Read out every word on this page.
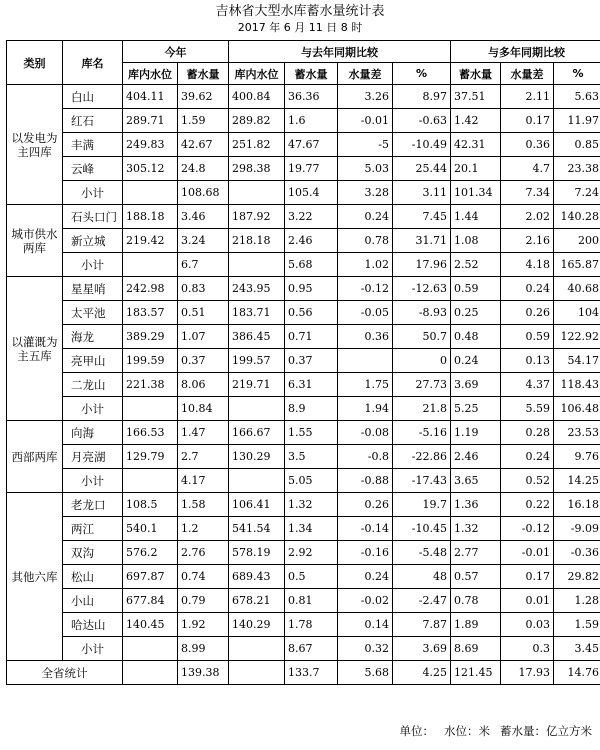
吉林省大型水库蓄水量统计表
2017 年 6 月 11 日 8 时
类别	库名	今年		与去年同期比较				与多年同期比较		
		库内水位	蓄水量	库内水位	蓄水量	水量差	%	蓄水量	水量差	%
以发电为主四库	白山	404.11	39.62	400.84	36.36	3.26	8.97	37.51	2.11	5.63
	红石	289.71	1.59	289.82	1.6	-0.01	-0.63	1.42	0.17	11.97
	丰满	249.83	42.67	251.82	47.67	-5	-10.49	42.31	0.36	0.85
	云峰	305.12	24.8	298.38	19.77	5.03	25.44	20.1	4.7	23.38
	小计		108.68		105.4	3.28	3.11	101.34	7.34	7.24
城市供水两库	石头口门	188.18	3.46	187.92	3.22	0.24	7.45	1.44	2.02	140.28
	新立城	219.42	3.24	218.18	2.46	0.78	31.71	1.08	2.16	200
	小计		6.7		5.68	1.02	17.96	2.52	4.18	165.87
以灌溉为主五库	星星哨	242.98	0.83	243.95	0.95	-0.12	-12.63	0.59	0.24	40.68
	太平池	183.57	0.51	183.71	0.56	-0.05	-8.93	0.25	0.26	104
	海龙	389.29	1.07	386.45	0.71	0.36	50.7	0.48	0.59	122.92
	亮甲山	199.59	0.37	199.57	0.37		0	0.24	0.13	54.17
	二龙山	221.38	8.06	219.71	6.31	1.75	27.73	3.69	4.37	118.43
	小计		10.84		8.9	1.94	21.8	5.25	5.59	106.48
西部两库	向海	166.53	1.47	166.67	1.55	-0.08	-5.16	1.19	0.28	23.53
	月亮湖	129.79	2.7	130.29	3.5	-0.8	-22.86	2.46	0.24	9.76
	小计		4.17		5.05	-0.88	-17.43	3.65	0.52	14.25
其他六库	老龙口	108.5	1.58	106.41	1.32	0.26	19.7	1.36	0.22	16.18
	两江	540.1	1.2	541.54	1.34	-0.14	-10.45	1.32	-0.12	-9.09
	双沟	576.2	2.76	578.19	2.92	-0.16	-5.48	2.77	-0.01	-0.36
	松山	697.87	0.74	689.43	0.5	0.24	48	0.57	0.17	29.82
	小山	677.84	0.79	678.21	0.81	-0.02	-2.47	0.78	0.01	1.28
	哈达山	140.45	1.92	140.29	1.78	0.14	7.87	1.89	0.03	1.59
	小计		8.99		8.67	0.32	3.69	8.69	0.3	3.45
全省统计			139.38		133.7	5.68	4.25	121.45	17.93	14.76
单位： 水位：米 蓄水量：亿立方米
